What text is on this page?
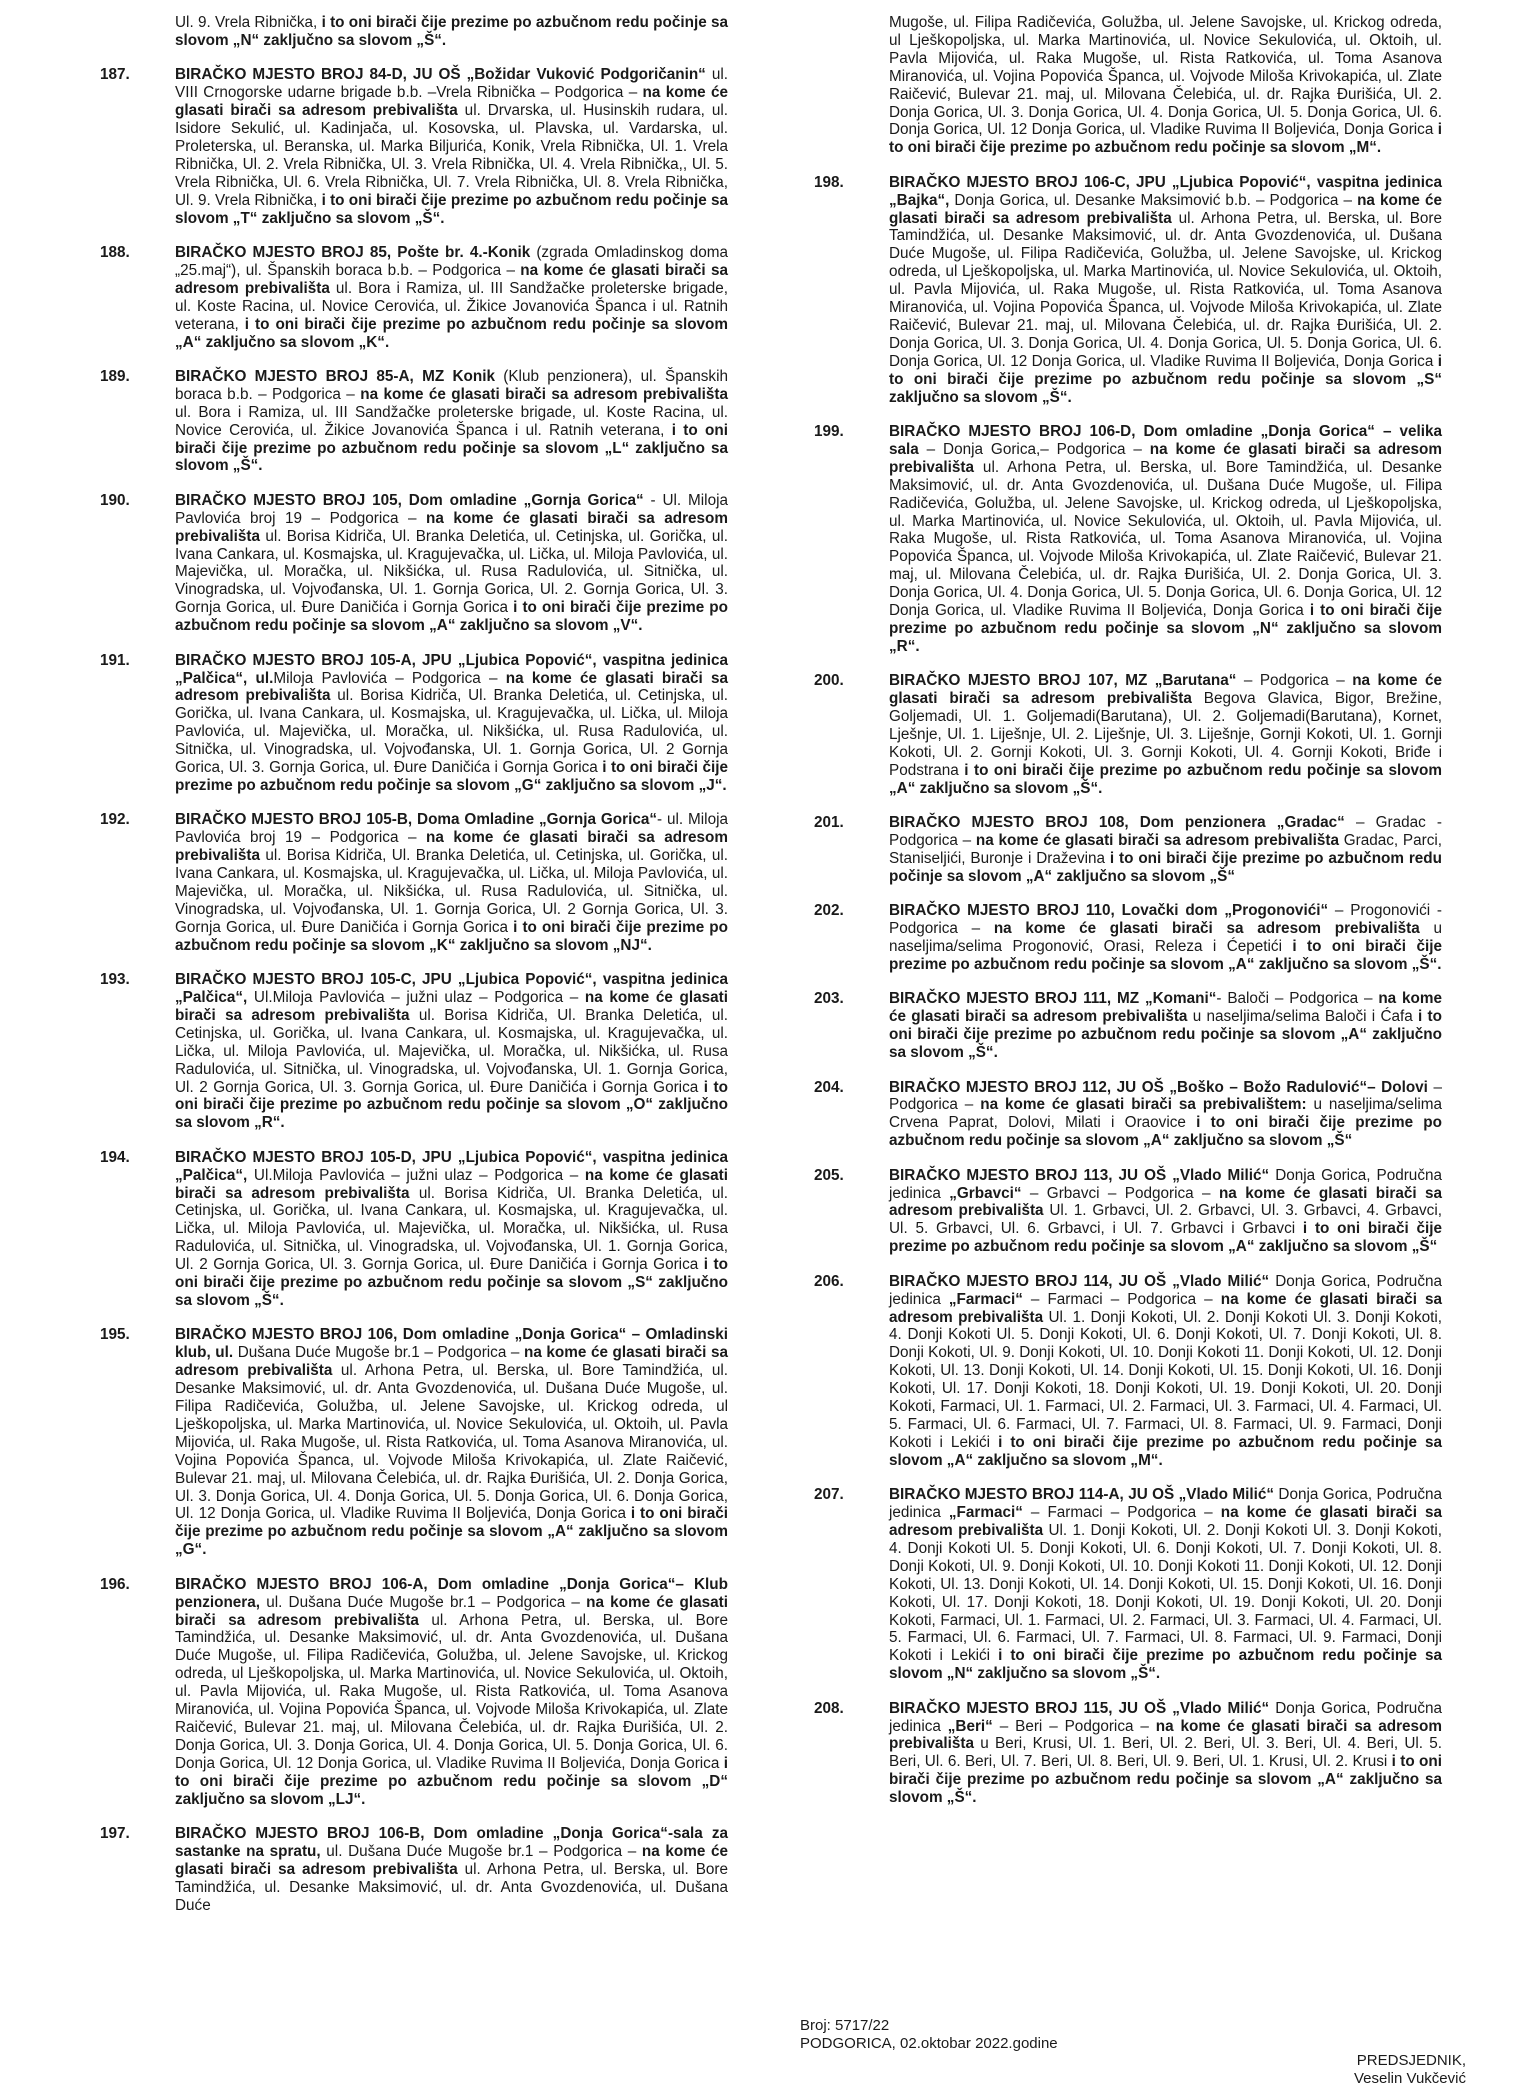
Ul. 9. Vrela Ribnička, i to oni birači čije prezime po azbučnom redu počinje sa slovom „N“ zaključno sa slovom „Š“.
187.	BIRAČKO MJESTO BROJ 84-D, JU OŠ „Božidar Vuković Podgoričanin“ ul. VIII Crnogorske udarne brigade b.b. –Vrela Ribnička – Podgorica – na kome će glasati birači sa adresom prebivališta ul. Drvarska, ul. Husinskih rudara, ul. Isidore Sekulić, ul. Kadinjača, ul. Kosovska, ul. Plavska, ul. Vardarska, ul. Proleterska, ul. Beranska, ul. Marka Biljurića, Konik, Vrela Ribnička, Ul. 1. Vrela Ribnička, Ul. 2. Vrela Ribnička, Ul. 3. Vrela Ribnička, Ul. 4. Vrela Ribnička,, Ul. 5. Vrela Ribnička, Ul. 6. Vrela Ribnička, Ul. 7. Vrela Ribnička, Ul. 8. Vrela Ribnička, Ul. 9. Vrela Ribnička, i to oni birači čije prezime po azbučnom redu počinje sa slovom „T“ zaključno sa slovom „Š“.
188.	BIRAČKO MJESTO BROJ 85, Pošte br. 4.-Konik (zgrada Omladinskog doma „25.maj“), ul. Španskih boraca b.b. – Podgorica – na kome će glasati birači sa adresom prebivališta ul. Bora i Ramiza, ul. III Sandžačke proleterske brigade, ul. Koste Racina, ul. Novice Cerovića, ul. Žikice Jovanovića Španca i ul. Ratnih veterana, i to oni birači čije prezime po azbučnom redu počinje sa slovom „A“ zaključno sa slovom „K“.
189.	BIRAČKO MJESTO BROJ 85-A, MZ Konik (Klub penzionera), ul. Španskih boraca b.b. – Podgorica – na kome će glasati birači sa adresom prebivališta ul. Bora i Ramiza, ul. III Sandžačke proleterske brigade, ul. Koste Racina, ul. Novice Cerovića, ul. Žikice Jovanovića Španca i ul. Ratnih veterana, i to oni birači čije prezime po azbučnom redu počinje sa slovom „L“ zaključno sa slovom „Š“.
190.	BIRAČKO MJESTO BROJ 105, Dom omladine „Gornja Gorica“ - Ul. Miloja Pavlovića broj 19 – Podgorica – na kome će glasati birači sa adresom prebivališta ul. Borisa Kidriča, Ul. Branka Deletića, ul. Cetinjska, ul. Gorička, ul. Ivana Cankara, ul. Kosmajska, ul. Kragujevačka, ul. Lička, ul. Miloja Pavlovića, ul. Majevička, ul. Moračka, ul. Nikšićka, ul. Rusa Radulovića, ul. Sitnička, ul. Vinogradska, ul. Vojvođanska, Ul. 1. Gornja Gorica, Ul. 2. Gornja Gorica, Ul. 3. Gornja Gorica, ul. Đure Daničića i Gornja Gorica i to oni birači čije prezime po azbučnom redu počinje sa slovom „A“ zaključno sa slovom „V“.
191.	BIRAČKO MJESTO BROJ 105-A, JPU „Ljubica Popović“, vaspitna jedinica „Palčica“, ul.Miloja Pavlovića – Podgorica – na kome će glasati birači sa adresom prebivališta ul. Borisa Kidriča, Ul. Branka Deletića, ul. Cetinjska, ul. Gorička, ul. Ivana Cankara, ul. Kosmajska, ul. Kragujevačka, ul. Lička, ul. Miloja Pavlovića, ul. Majevička, ul. Moračka, ul. Nikšićka, ul. Rusa Radulovića, ul. Sitnička, ul. Vinogradska, ul. Vojvođanska, Ul. 1. Gornja Gorica, Ul. 2 Gornja Gorica, Ul. 3. Gornja Gorica, ul. Đure Daničića i Gornja Gorica i to oni birači čije prezime po azbučnom redu počinje sa slovom „G“ zaključno sa slovom „J“.
192.	BIRAČKO MJESTO BROJ 105-B, Doma Omladine „Gornja Gorica“- ul. Miloja Pavlovića broj 19 – Podgorica – na kome će glasati birači sa adresom prebivališta ul. Borisa Kidriča, Ul. Branka Deletića, ul. Cetinjska, ul. Gorička, ul. Ivana Cankara, ul. Kosmajska, ul. Kragujevačka, ul. Lička, ul. Miloja Pavlovića, ul. Majevička, ul. Moračka, ul. Nikšićka, ul. Rusa Radulovića, ul. Sitnička, ul. Vinogradska, ul. Vojvođanska, Ul. 1. Gornja Gorica, Ul. 2 Gornja Gorica, Ul. 3. Gornja Gorica, ul. Đure Daničića i Gornja Gorica i to oni birači čije prezime po azbučnom redu počinje sa slovom „K“ zaključno sa slovom „NJ“.
193.	BIRAČKO MJESTO BROJ 105-C, JPU „Ljubica Popović“, vaspitna jedinica „Palčica“, Ul.Miloja Pavlovića – južni ulaz – Podgorica – na kome će glasati birači sa adresom prebivališta ul. Borisa Kidriča, Ul. Branka Deletića, ul. Cetinjska, ul. Gorička, ul. Ivana Cankara, ul. Kosmajska, ul. Kragujevačka, ul. Lička, ul. Miloja Pavlovića, ul. Majevička, ul. Moračka, ul. Nikšićka, ul. Rusa Radulovića, ul. Sitnička, ul. Vinogradska, ul. Vojvođanska, Ul. 1. Gornja Gorica, Ul. 2 Gornja Gorica, Ul. 3. Gornja Gorica, ul. Đure Daničića i Gornja Gorica i to oni birači čije prezime po azbučnom redu počinje sa slovom „O“ zaključno sa slovom „R“.
194.	BIRAČKO MJESTO BROJ 105-D, JPU „Ljubica Popović“, vaspitna jedinica „Palčica“, Ul.Miloja Pavlovića – južni ulaz – Podgorica – na kome će glasati birači sa adresom prebivališta ul. Borisa Kidriča, Ul. Branka Deletića, ul. Cetinjska, ul. Gorička, ul. Ivana Cankara, ul. Kosmajska, ul. Kragujevačka, ul. Lička, ul. Miloja Pavlovića, ul. Majevička, ul. Moračka, ul. Nikšićka, ul. Rusa Radulovića, ul. Sitnička, ul. Vinogradska, ul. Vojvođanska, Ul. 1. Gornja Gorica, Ul. 2 Gornja Gorica, Ul. 3. Gornja Gorica, ul. Đure Daničića i Gornja Gorica i to oni birači čije prezime po azbučnom redu počinje sa slovom „S“ zaključno sa slovom „Š“.
195.	BIRAČKO MJESTO BROJ 106, Dom omladine „Donja Gorica“ – Omladinski klub, ul. Dušana Duće Mugoše br.1 – Podgorica – na kome će glasati birači sa adresom prebivališta ul. Arhona Petra, ul. Berska, ul. Bore Tamindžića, ul. Desanke Maksimović, ul. dr. Anta Gvozdenovića, ul. Dušana Duće Mugoše, ul. Filipa Radičevića, Golužba, ul. Jelene Savojske, ul. Krickog odreda, ul Lješkopoljska, ul. Marka Martinovića, ul. Novice Sekulovića, ul. Oktoih, ul. Pavla Mijovića, ul. Raka Mugoše, ul. Rista Ratkovića, ul. Toma Asanova Miranovića, ul. Vojina Popovića Španca, ul. Vojvode Miloša Krivokapića, ul. Zlate Raičević, Bulevar 21. maj, ul. Milovana Čelebića, ul. dr. Rajka Đurišića, Ul. 2. Donja Gorica, Ul. 3. Donja Gorica, Ul. 4. Donja Gorica, Ul. 5. Donja Gorica, Ul. 6. Donja Gorica, Ul. 12 Donja Gorica, ul. Vladike Ruvima II Boljevića, Donja Gorica i to oni birači čije prezime po azbučnom redu počinje sa slovom „A“ zaključno sa slovom „G“.
196.	BIRAČKO MJESTO BROJ 106-A, Dom omladine „Donja Gorica“– Klub penzionera, ul. Dušana Duće Mugoše br.1 – Podgorica – na kome će glasati birači sa adresom prebivališta ul. Arhona Petra, ul. Berska, ul. Bore Tamindžića, ul. Desanke Maksimović, ul. dr. Anta Gvozdenovića, ul. Dušana Duće Mugoše, ul. Filipa Radičevića, Golužba, ul. Jelene Savojske, ul. Krickog odreda, ul Lješkopoljska, ul. Marka Martinovića, ul. Novice Sekulovića, ul. Oktoih, ul. Pavla Mijovića, ul. Raka Mugoše, ul. Rista Ratkovića, ul. Toma Asanova Miranovića, ul. Vojina Popovića Španca, ul. Vojvode Miloša Krivokapića, ul. Zlate Raičević, Bulevar 21. maj, ul. Milovana Čelebića, ul. dr. Rajka Đurišića, Ul. 2. Donja Gorica, Ul. 3. Donja Gorica, Ul. 4. Donja Gorica, Ul. 5. Donja Gorica, Ul. 6. Donja Gorica, Ul. 12 Donja Gorica, ul. Vladike Ruvima II Boljevića, Donja Gorica i to oni birači čije prezime po azbučnom redu počinje sa slovom „D“ zaključno sa slovom „LJ“.
197.	BIRAČKO MJESTO BROJ 106-B, Dom omladine „Donja Gorica“-sala za sastanke na spratu, ul. Dušana Duće Mugoše br.1 – Podgorica – na kome će glasati birači sa adresom prebivališta ul. Arhona Petra, ul. Berska, ul. Bore Tamindžića, ul. Desanke Maksimović, ul. dr. Anta Gvozdenovića, ul. Dušana Duće
Mugoše, ul. Filipa Radičevića, Golužba, ul. Jelene Savojske, ul. Krickog odreda, ul Lješkopoljska, ul. Marka Martinovića, ul. Novice Sekulovića, ul. Oktoih, ul. Pavla Mijovića, ul. Raka Mugoše, ul. Rista Ratkovića, ul. Toma Asanova Miranovića, ul. Vojina Popovića Španca, ul. Vojvode Miloša Krivokapića, ul. Zlate Raičević, Bulevar 21. maj, ul. Milovana Čelebića, ul. dr. Rajka Đurišića, Ul. 2. Donja Gorica, Ul. 3. Donja Gorica, Ul. 4. Donja Gorica, Ul. 5. Donja Gorica, Ul. 6. Donja Gorica, Ul. 12 Donja Gorica, ul. Vladike Ruvima II Boljevića, Donja Gorica i to oni birači čije prezime po azbučnom redu počinje sa slovom „M“.
198.	BIRAČKO MJESTO BROJ 106-C, JPU „Ljubica Popović“, vaspitna jedinica „Bajka“, Donja Gorica, ul. Desanke Maksimović b.b. – Podgorica – na kome će glasati birači sa adresom prebivališta ul. Arhona Petra, ul. Berska, ul. Bore Tamindžića, ul. Desanke Maksimović, ul. dr. Anta Gvozdenovića, ul. Dušana Duće Mugoše, ul. Filipa Radičevića, Golužba, ul. Jelene Savojske, ul. Krickog odreda, ul Lješkopoljska, ul. Marka Martinovića, ul. Novice Sekulovića, ul. Oktoih, ul. Pavla Mijovića, ul. Raka Mugoše, ul. Rista Ratkovića, ul. Toma Asanova Miranovića, ul. Vojina Popovića Španca, ul. Vojvode Miloša Krivokapića, ul. Zlate Raičević, Bulevar 21. maj, ul. Milovana Čelebića, ul. dr. Rajka Đurišića, Ul. 2. Donja Gorica, Ul. 3. Donja Gorica, Ul. 4. Donja Gorica, Ul. 5. Donja Gorica, Ul. 6. Donja Gorica, Ul. 12 Donja Gorica, ul. Vladike Ruvima II Boljevića, Donja Gorica i to oni birači čije prezime po azbučnom redu počinje sa slovom „S“ zaključno sa slovom „Š“.
199.	BIRAČKO MJESTO BROJ 106-D, Dom omladine „Donja Gorica“ – velika sala – Donja Gorica,– Podgorica – na kome će glasati birači sa adresom prebivališta ul. Arhona Petra, ul. Berska, ul. Bore Tamindžića, ul. Desanke Maksimović, ul. dr. Anta Gvozdenovića, ul. Dušana Duće Mugoše, ul. Filipa Radičevića, Golužba, ul. Jelene Savojske, ul. Krickog odreda, ul Lješkopoljska, ul. Marka Martinovića, ul. Novice Sekulovića, ul. Oktoih, ul. Pavla Mijovića, ul. Raka Mugoše, ul. Rista Ratkovića, ul. Toma Asanova Miranovića, ul. Vojina Popovića Španca, ul. Vojvode Miloša Krivokapića, ul. Zlate Raičević, Bulevar 21. maj, ul. Milovana Čelebića, ul. dr. Rajka Đurišića, Ul. 2. Donja Gorica, Ul. 3. Donja Gorica, Ul. 4. Donja Gorica, Ul. 5. Donja Gorica, Ul. 6. Donja Gorica, Ul. 12 Donja Gorica, ul. Vladike Ruvima II Boljevića, Donja Gorica i to oni birači čije prezime po azbučnom redu počinje sa slovom „N“ zaključno sa slovom „R“.
200.	BIRAČKO MJESTO BROJ 107, MZ „Barutana“ – Podgorica – na kome će glasati birači sa adresom prebivališta Begova Glavica, Bigor, Brežine, Goljemadi, Ul. 1. Goljemadi(Barutana), Ul. 2. Goljemadi(Barutana), Kornet, Lješnje, Ul. 1. Liješnje, Ul. 2. Liješnje, Ul. 3. Liješnje, Gornji Kokoti, Ul. 1. Gornji Kokoti, Ul. 2. Gornji Kokoti, Ul. 3. Gornji Kokoti, Ul. 4. Gornji Kokoti, Briđe i Podstrana i to oni birači čije prezime po azbučnom redu počinje sa slovom „A“ zaključno sa slovom „Š“.
201.	BIRAČKO MJESTO BROJ 108, Dom penzionera „Gradac“ – Gradac - Podgorica – na kome će glasati birači sa adresom prebivališta Gradac, Parci, Staniseljići, Buronje i Draževina i to oni birači čije prezime po azbučnom redu počinje sa slovom „A“ zaključno sa slovom „Š“
202.	BIRAČKO MJESTO BROJ 110, Lovački dom „Progonovići“ – Progonovići - Podgorica – na kome će glasati birači sa adresom prebivališta u naseljima/selima Progonović, Orasi, Releza i Ćepetići i to oni birači čije prezime po azbučnom redu počinje sa slovom „A“ zaključno sa slovom „Š“.
203.	BIRAČKO MJESTO BROJ 111, MZ „Komani“- Baloči – Podgorica – na kome će glasati birači sa adresom prebivališta u naseljima/selima Baloči i Ćafa i to oni birači čije prezime po azbučnom redu počinje sa slovom „A“ zaključno sa slovom „Š“.
204.	BIRAČKO MJESTO BROJ 112, JU OŠ „Boško – Božo Radulović“– Dolovi – Podgorica – na kome će glasati birači sa prebivalištem: u naseljima/selima Crvena Paprat, Dolovi, Milati i Oraovice i to oni birači čije prezime po azbučnom redu počinje sa slovom „A“ zaključno sa slovom „Š“
205.	BIRAČKO MJESTO BROJ 113, JU OŠ „Vlado Milić“ Donja Gorica, Područna jedinica „Grbavci“ – Grbavci – Podgorica – na kome će glasati birači sa adresom prebivališta Ul. 1. Grbavci, Ul. 2. Grbavci, Ul. 3. Grbavci, 4. Grbavci, Ul. 5. Grbavci, Ul. 6. Grbavci, i Ul. 7. Grbavci i Grbavci i to oni birači čije prezime po azbučnom redu počinje sa slovom „A“ zaključno sa slovom „Š“
206.	BIRAČKO MJESTO BROJ 114, JU OŠ „Vlado Milić“ Donja Gorica, Područna jedinica „Farmaci“ – Farmaci – Podgorica – na kome će glasati birači sa adresom prebivališta Ul. 1. Donji Kokoti, Ul. 2. Donji Kokoti Ul. 3. Donji Kokoti, 4. Donji Kokoti Ul. 5. Donji Kokoti, Ul. 6. Donji Kokoti, Ul. 7. Donji Kokoti, Ul. 8. Donji Kokoti, Ul. 9. Donji Kokoti, Ul. 10. Donji Kokoti 11. Donji Kokoti, Ul. 12. Donji Kokoti, Ul. 13. Donji Kokoti, Ul. 14. Donji Kokoti, Ul. 15. Donji Kokoti, Ul. 16. Donji Kokoti, Ul. 17. Donji Kokoti, 18. Donji Kokoti, Ul. 19. Donji Kokoti, Ul. 20. Donji Kokoti, Farmaci, Ul. 1. Farmaci, Ul. 2. Farmaci, Ul. 3. Farmaci, Ul. 4. Farmaci, Ul. 5. Farmaci, Ul. 6. Farmaci, Ul. 7. Farmaci, Ul. 8. Farmaci, Ul. 9. Farmaci, Donji Kokoti i Lekići i to oni birači čije prezime po azbučnom redu počinje sa slovom „A“ zaključno sa slovom „M“.
207.	BIRAČKO MJESTO BROJ 114-A, JU OŠ „Vlado Milić“ Donja Gorica, Područna jedinica „Farmaci“ – Farmaci – Podgorica – na kome će glasati birači sa adresom prebivališta Ul. 1. Donji Kokoti, Ul. 2. Donji Kokoti Ul. 3. Donji Kokoti, 4. Donji Kokoti Ul. 5. Donji Kokoti, Ul. 6. Donji Kokoti, Ul. 7. Donji Kokoti, Ul. 8. Donji Kokoti, Ul. 9. Donji Kokoti, Ul. 10. Donji Kokoti 11. Donji Kokoti, Ul. 12. Donji Kokoti, Ul. 13. Donji Kokoti, Ul. 14. Donji Kokoti, Ul. 15. Donji Kokoti, Ul. 16. Donji Kokoti, Ul. 17. Donji Kokoti, 18. Donji Kokoti, Ul. 19. Donji Kokoti, Ul. 20. Donji Kokoti, Farmaci, Ul. 1. Farmaci, Ul. 2. Farmaci, Ul. 3. Farmaci, Ul. 4. Farmaci, Ul. 5. Farmaci, Ul. 6. Farmaci, Ul. 7. Farmaci, Ul. 8. Farmaci, Ul. 9. Farmaci, Donji Kokoti i Lekići i to oni birači čije prezime po azbučnom redu počinje sa slovom „N“ zaključno sa slovom „Š“.
208.	BIRAČKO MJESTO BROJ 115, JU OŠ „Vlado Milić“ Donja Gorica, Područna jedinica „Beri“ – Beri – Podgorica – na kome će glasati birači sa adresom prebivališta u Beri, Krusi, Ul. 1. Beri, Ul. 2. Beri, Ul. 3. Beri, Ul. 4. Beri, Ul. 5. Beri, Ul. 6. Beri, Ul. 7. Beri, Ul. 8. Beri, Ul. 9. Beri, Ul. 1. Krusi, Ul. 2. Krusi i to oni birači čije prezime po azbučnom redu počinje sa slovom „A“ zaključno sa slovom „Š“.
Broj: 5717/22
PODGORICA, 02.oktobar 2022.godine
PREDSJEDNIK,
Veselin Vukčević
